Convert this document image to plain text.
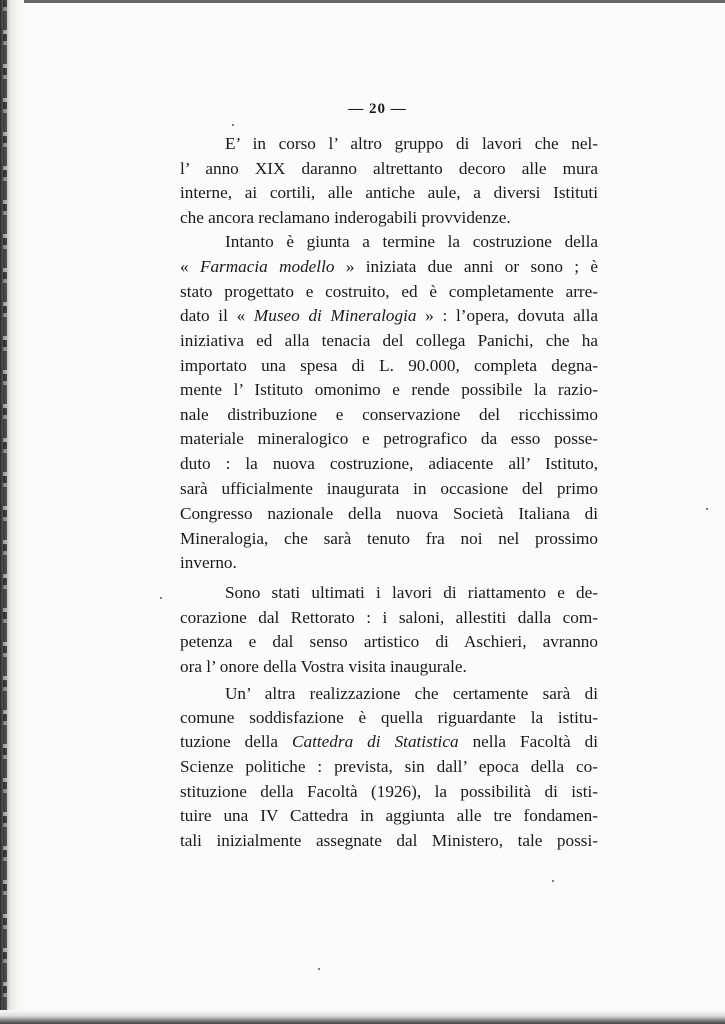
— 20 —
E’ in corso l’ altro gruppo di lavori che nel-
l’ anno XIX daranno altrettanto decoro alle mura
interne, ai cortili, alle antiche aule, a diversi Istituti
che ancora reclamano inderogabili provvidenze.
Intanto è giunta a termine la costruzione della
« Farmacia modello » iniziata due anni or sono ; è
stato progettato e costruito, ed è completamente arre-
dato il « Museo di Mineralogia » : l’opera, dovuta alla
iniziativa ed alla tenacia del collega Panichi, che ha
importato una spesa di L. 90.000, completa degna-
mente l’ Istituto omonimo e rende possibile la razio-
nale distribuzione e conservazione del ricchissimo
materiale mineralogico e petrografico da esso posse-
duto : la nuova costruzione, adiacente all’ Istituto,
sarà ufficialmente inaugurata in occasione del primo
Congresso nazionale della nuova Società Italiana di
Mineralogia, che sarà tenuto fra noi nel prossimo
inverno.
Sono stati ultimati i lavori di riattamento e de-
corazione dal Rettorato : i saloni, allestiti dalla com-
petenza e dal senso artistico di Aschieri, avranno
ora l’ onore della Vostra visita inaugurale.
Un’ altra realizzazione che certamente sarà di
comune soddisfazione è quella riguardante la istitu-
tuzione della Cattedra di Statistica nella Facoltà di
Scienze politiche : prevista, sin dall’ epoca della co-
stituzione della Facoltà (1926), la possibilità di isti-
tuire una IV Cattedra in aggiunta alle tre fondamen-
tali inizialmente assegnate dal Ministero, tale possi-
